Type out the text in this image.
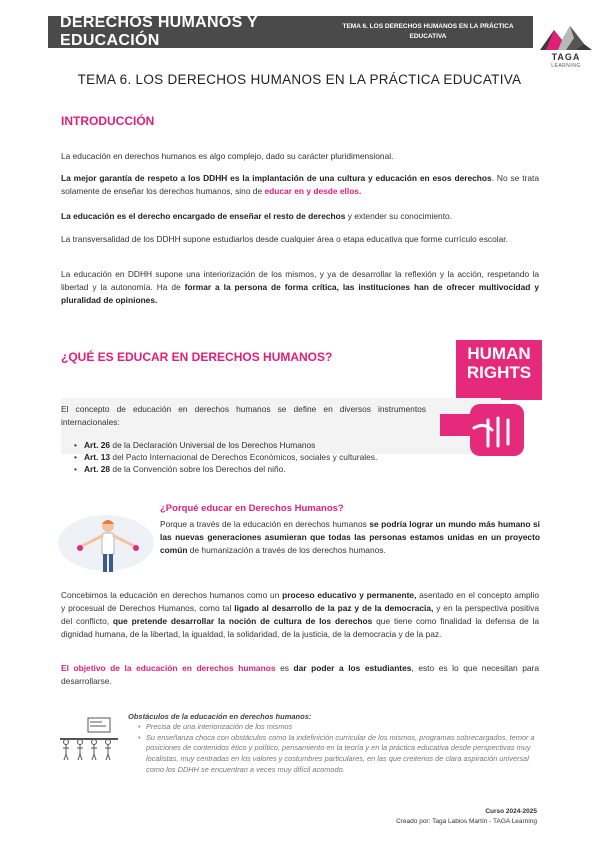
DERECHOS HUMANOS Y EDUCACIÓN
TEMA 6. LOS DERECHOS HUMANOS EN LA PRÁCTICA
EDUCATIVA
TAGA
LEARNING
TEMA 6. LOS DERECHOS HUMANOS EN LA PRÁCTICA EDUCATIVA
INTRODUCCIÓN
La educación en derechos humanos es algo complejo, dado su carácter pluridimensional.
La mejor garantía de respeto a los DDHH es la implantación de una cultura y educación en esos derechos. No se trata solamente de enseñar los derechos humanos, sino de educar en y desde ellos.
La educación es el derecho encargado de enseñar el resto de derechos y extender su conocimiento.
La transversalidad de los DDHH supone estudiarlos desde cualquier área o etapa educativa que forme currículo escolar.
La educación en DDHH supone una interiorización de los mismos, y ya de desarrollar la reflexión y la acción, respetando la libertad y la autonomía. Ha de formar a la persona de forma crítica, las instituciones han de ofrecer multivocidad y pluralidad de opiniones.
¿QUÉ ES EDUCAR EN DERECHOS HUMANOS?	HUMAN
RIGHTS
El concepto de educación en derechos humanos se define en diversos instrumentos internacionales:
• Art. 26 de la Declaración Universal de los Derechos Humanos
• Art. 13 del Pacto Internacional de Derechos Económicos, sociales y culturales.
• Art. 28 de la Convención sobre los Derechos del niño.
¿Porqué educar en Derechos Humanos?
Porque a través de la educación en derechos humanos se podría lograr un mundo más humano si las nuevas generaciones asumieran que todas las personas estamos unidas en un proyecto común de humanización a través de los derechos humanos.
Concebimos la educación en derechos humanos como un proceso educativo y permanente, asentado en el concepto amplio y procesual de Derechos Humanos, como tal ligado al desarrollo de la paz y de la democracia, y en la perspectiva positiva del conflicto, que pretende desarrollar la noción de cultura de los derechos que tiene como finalidad la defensa de la dignidad humana, de la libertad, la igualdad, la solidaridad, de la justicia, de la democracia y de la paz.
El objetivo de la educación en derechos humanos es dar poder a los estudiantes, esto es lo que necesitan para desarrollarse.
Obstáculos de la educación en derechos humanos:
• Precisa de una interiorización de los mismos
• Su enseñanza choca con obstáculos como la indefinición curricular de los mismos, programas sobrecargados, temor a posiciones de contenidos ético y político, pensamiento en la teoría y en la práctica educativa desde perspectivas muy localistas, muy centradas en los valores y costumbres particulares, en las que creiterios de clara aspiración universal como los DDHH se encuentran a veces muy difícil acomodo.
Curso 2024-2025
Creado por: Taga Labios Martín - TAGA Learning
